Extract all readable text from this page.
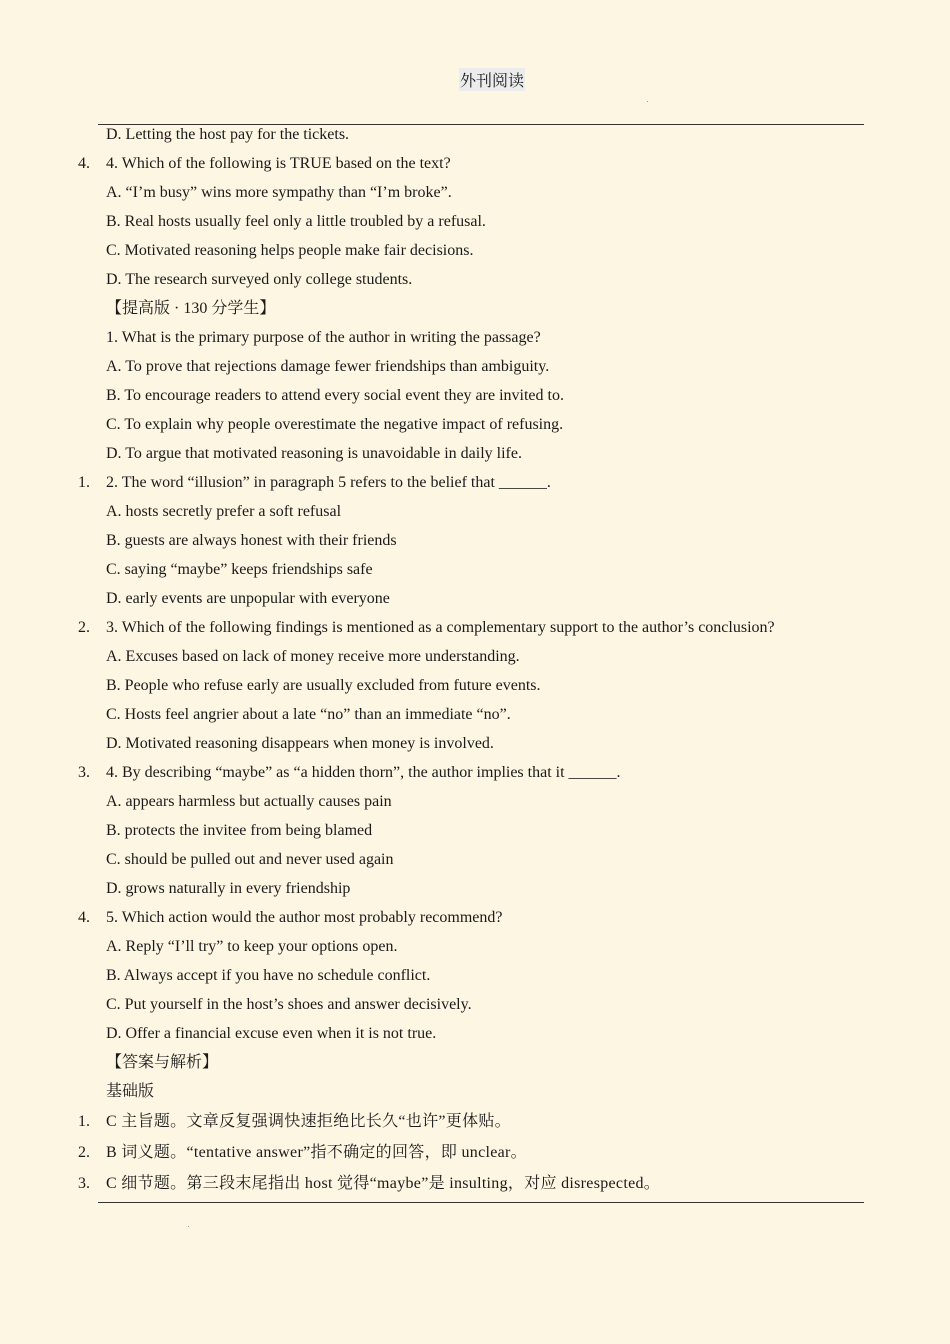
外刊阅读
D. Letting the host pay for the tickets.
4. 4. Which of the following is TRUE based on the text?
A. “I’m busy” wins more sympathy than “I’m broke”.
B. Real hosts usually feel only a little troubled by a refusal.
C. Motivated reasoning helps people make fair decisions.
D. The research surveyed only college students.
【提高版 · 130 分学生】
1. What is the primary purpose of the author in writing the passage?
A. To prove that rejections damage fewer friendships than ambiguity.
B. To encourage readers to attend every social event they are invited to.
C. To explain why people overestimate the negative impact of refusing.
D. To argue that motivated reasoning is unavoidable in daily life.
1. 2. The word “illusion” in paragraph 5 refers to the belief that ______.
A. hosts secretly prefer a soft refusal
B. guests are always honest with their friends
C. saying “maybe” keeps friendships safe
D. early events are unpopular with everyone
2. 3. Which of the following findings is mentioned as a complementary support to the author’s conclusion?
A. Excuses based on lack of money receive more understanding.
B. People who refuse early are usually excluded from future events.
C. Hosts feel angrier about a late “no” than an immediate “no”.
D. Motivated reasoning disappears when money is involved.
3. 4. By describing “maybe” as “a hidden thorn”, the author implies that it ______.
A. appears harmless but actually causes pain
B. protects the invitee from being blamed
C. should be pulled out and never used again
D. grows naturally in every friendship
4. 5. Which action would the author most probably recommend?
A. Reply “I’ll try” to keep your options open.
B. Always accept if you have no schedule conflict.
C. Put yourself in the host’s shoes and answer decisively.
D. Offer a financial excuse even when it is not true.
【答案与解析】
基础版
1. C 主旨题。文章反复强调快速拒绝比长久“也许”更体贴。
2. B 词义题。“tentative answer”指不确定的回答，即 unclear。
3. C 细节题。第三段末尾指出 host 觉得“maybe”是 insulting，对应 disrespected。
